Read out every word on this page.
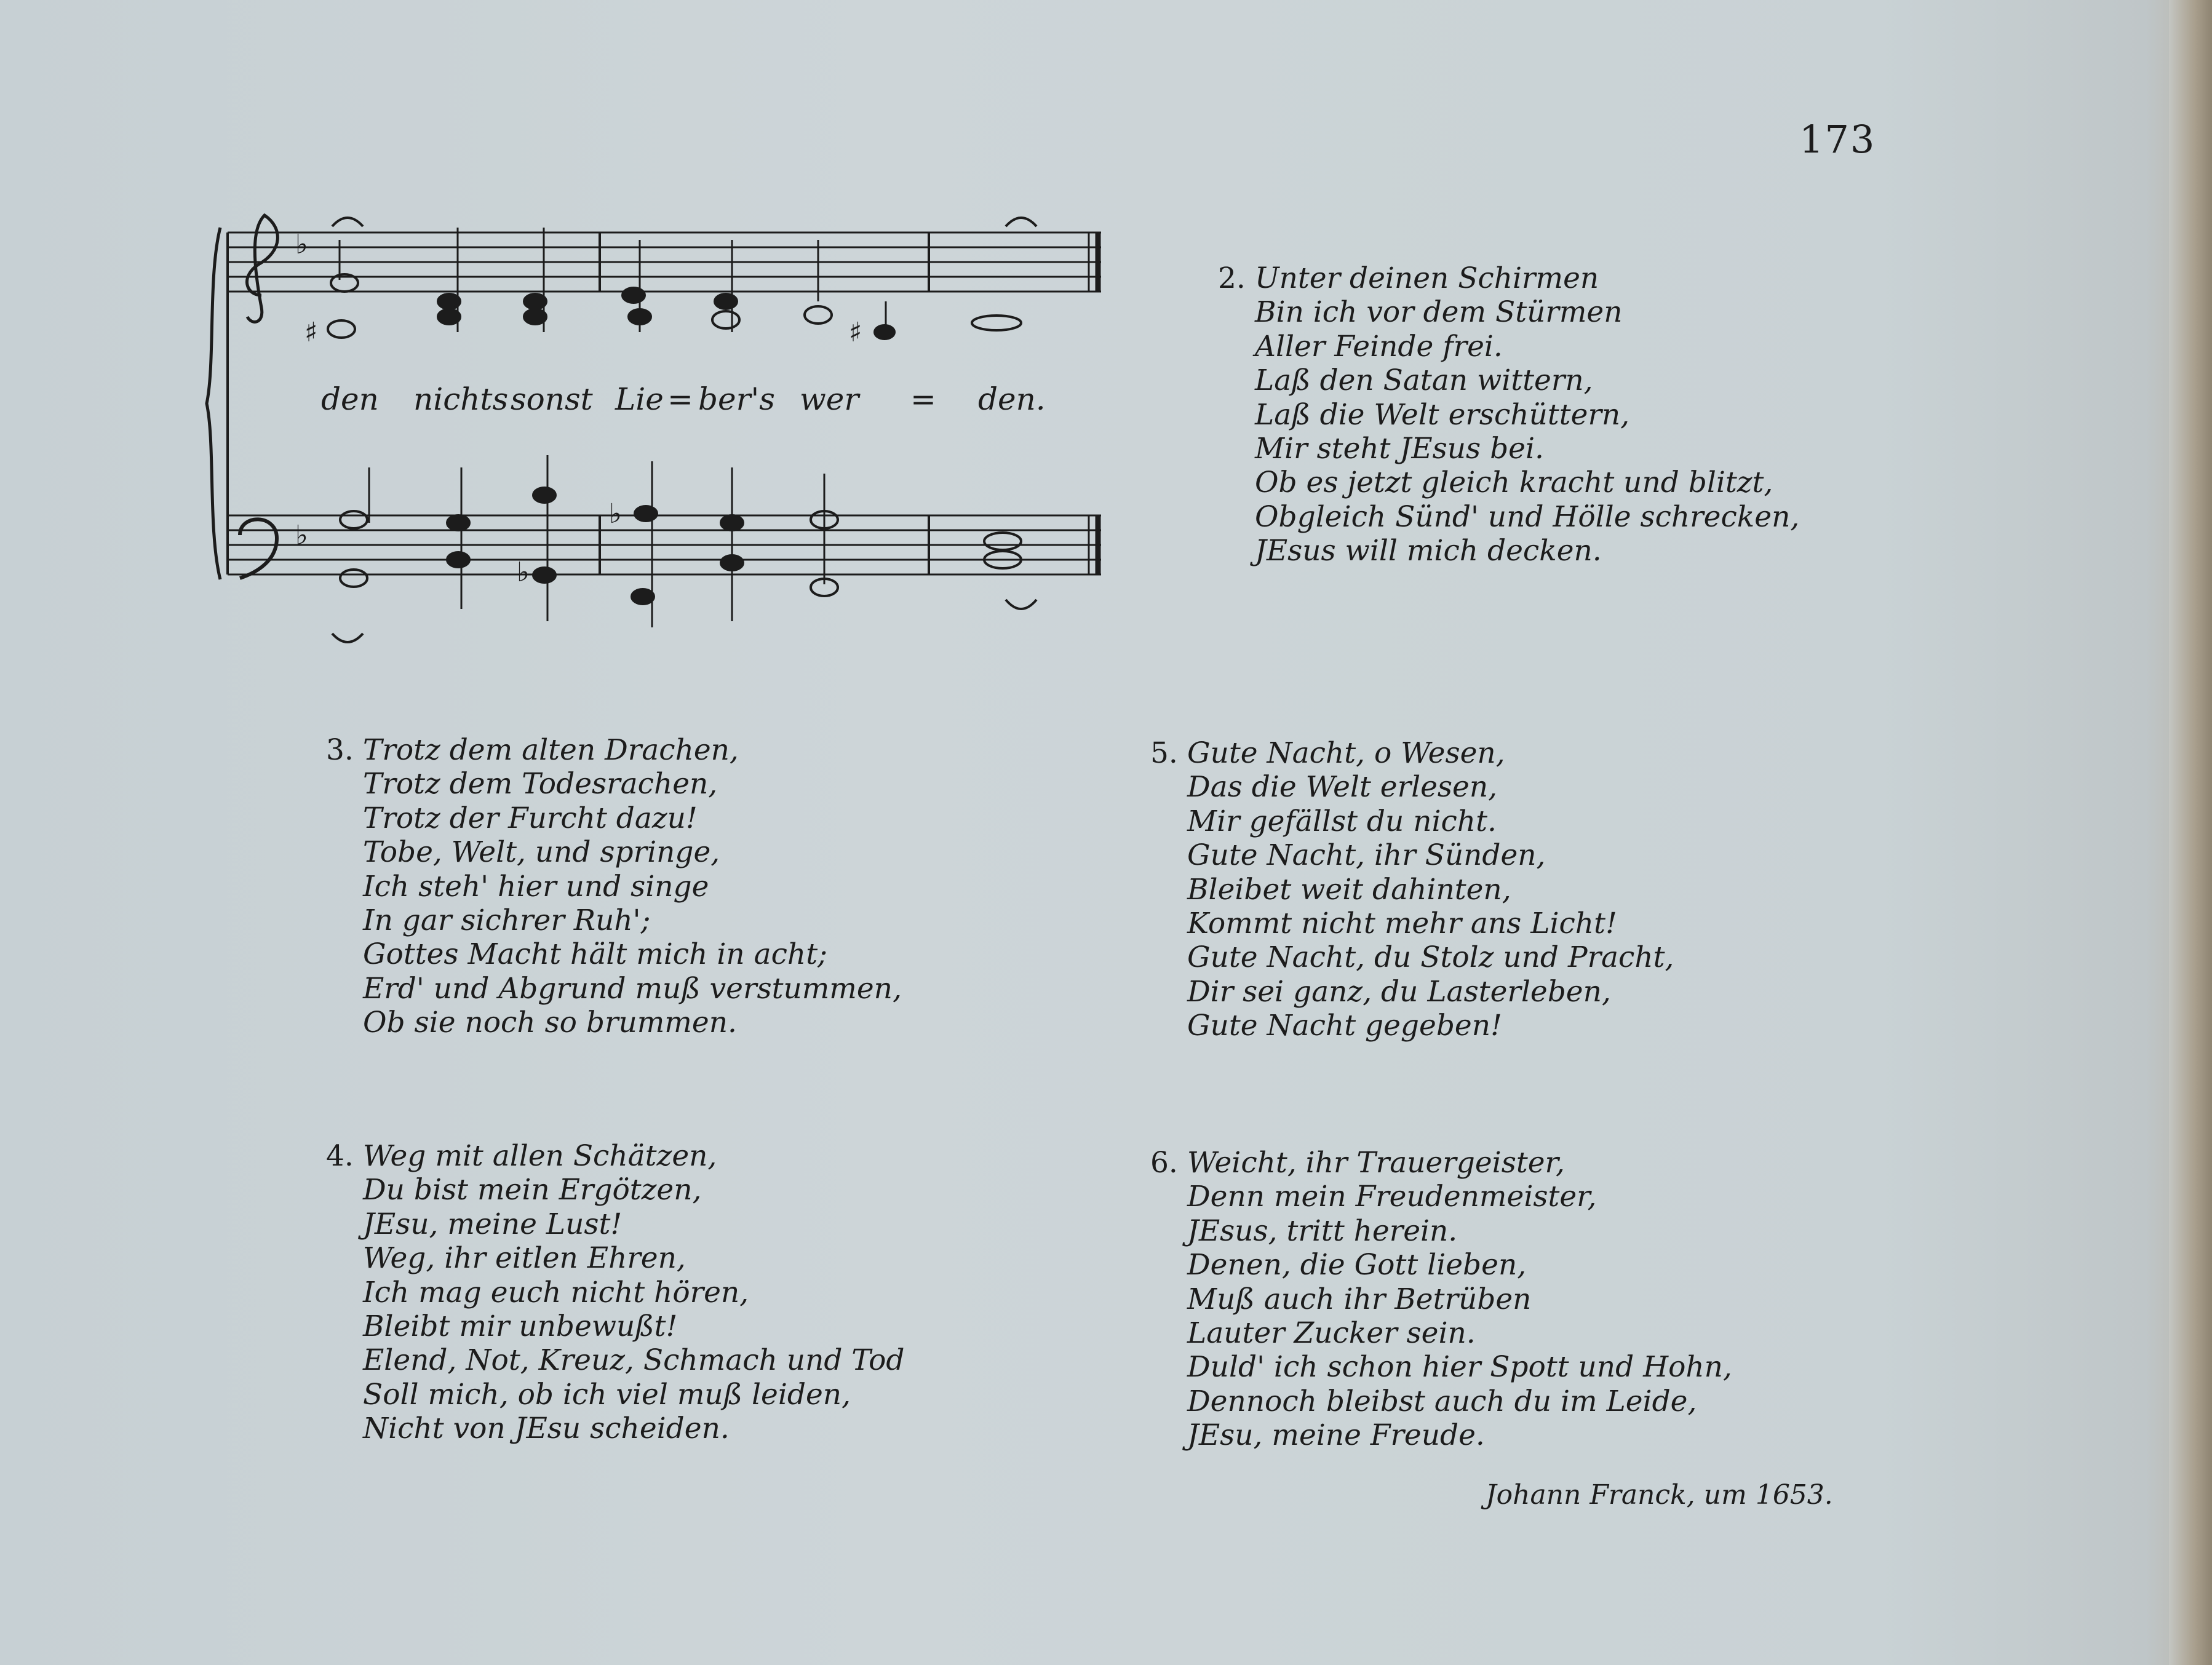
173
♭
♭
♯	♯
♭
♭
den nichts sonst Lie = ber's wer = den.
2. Unter deinen Schirmen
Bin ich vor dem Stürmen
Aller Feinde frei.
Laß den Satan wittern,
Laß die Welt erschüttern,
Mir steht JEsus bei.
Ob es jetzt gleich kracht und blitzt,
Obgleich Sünd' und Hölle schrecken,
JEsus will mich decken.
3. Trotz dem alten Drachen,
Trotz dem Todesrachen,
Trotz der Furcht dazu!
Tobe, Welt, und springe,
Ich steh' hier und singe
In gar sichrer Ruh';
Gottes Macht hält mich in acht;
Erd' und Abgrund muß verstummen,
Ob sie noch so brummen.
4. Weg mit allen Schätzen,
Du bist mein Ergötzen,
JEsu, meine Lust!
Weg, ihr eitlen Ehren,
Ich mag euch nicht hören,
Bleibt mir unbewußt!
Elend, Not, Kreuz, Schmach und Tod
Soll mich, ob ich viel muß leiden,
Nicht von JEsu scheiden.
5. Gute Nacht, o Wesen,
Das die Welt erlesen,
Mir gefällst du nicht.
Gute Nacht, ihr Sünden,
Bleibet weit dahinten,
Kommt nicht mehr ans Licht!
Gute Nacht, du Stolz und Pracht,
Dir sei ganz, du Lasterleben,
Gute Nacht gegeben!
6. Weicht, ihr Trauergeister,
Denn mein Freudenmeister,
JEsus, tritt herein.
Denen, die Gott lieben,
Muß auch ihr Betrüben
Lauter Zucker sein.
Duld' ich schon hier Spott und Hohn,
Dennoch bleibst auch du im Leide,
JEsu, meine Freude.
Johann Franck, um 1653.
